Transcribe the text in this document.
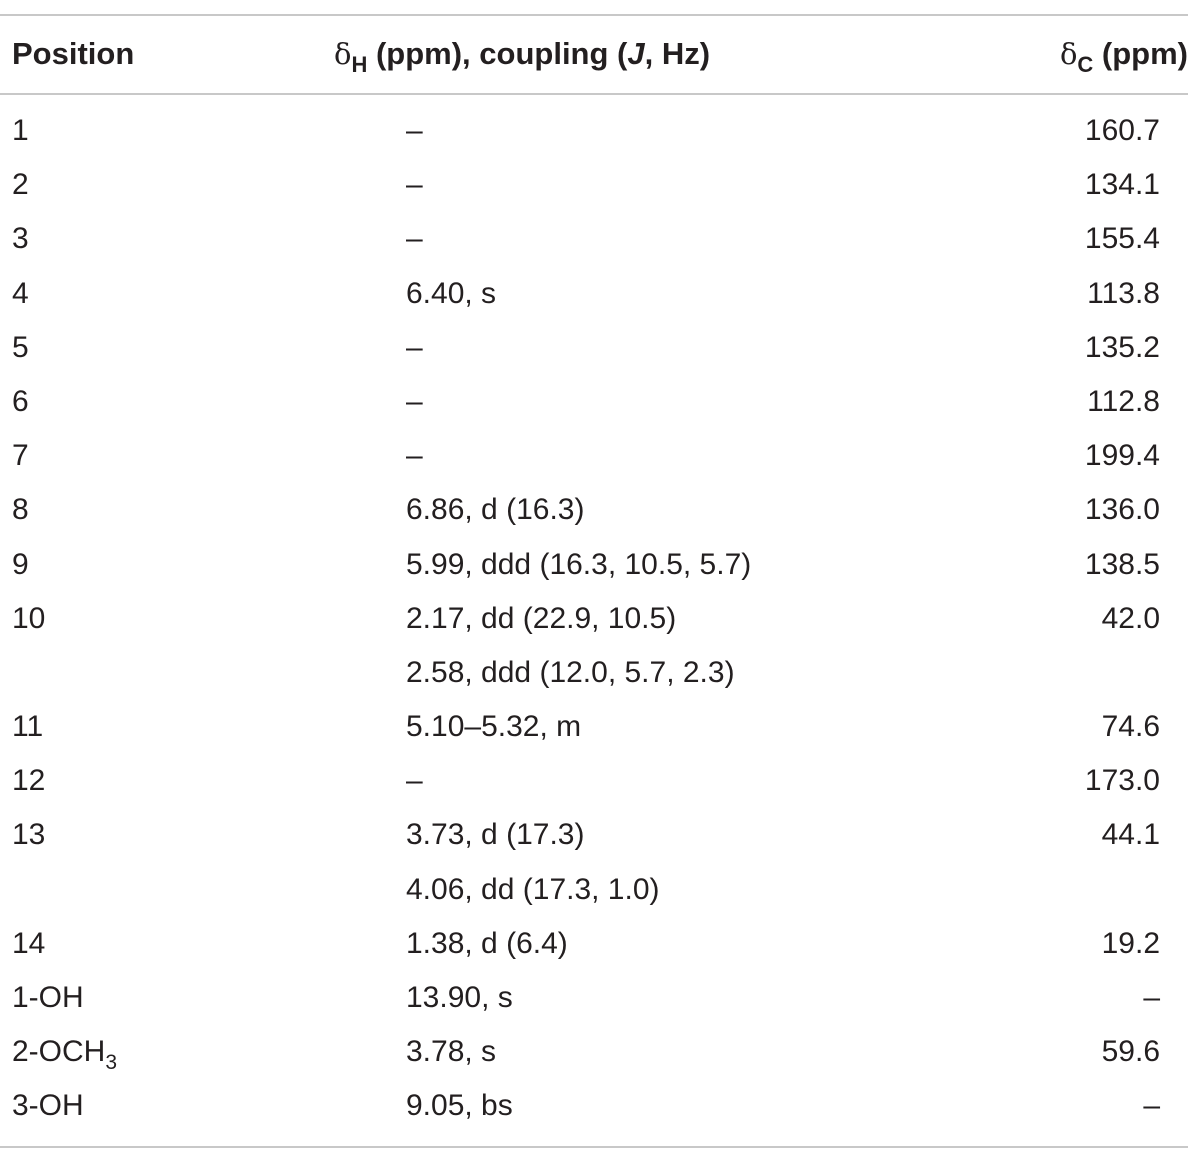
Position	$\delta_H$ (ppm), coupling (J, Hz)	$\delta_C$ (ppm)
1	–	160.7
2	–	134.1
3	–	155.4
4	6.40, s	113.8
5	–	135.2
6	–	112.8
7	–	199.4
8	6.86, d (16.3)	136.0
9	5.99, ddd (16.3, 10.5, 5.7)	138.5
10	2.17, dd (22.9, 10.5)	42.0
2.58, ddd (12.0, 5.7, 2.3)
11	5.10–5.32, m	74.6
12	–	173.0
13	3.73, d (17.3)	44.1
4.06, dd (17.3, 1.0)
14	1.38, d (6.4)	19.2
1-OH	13.90, s	–
$2-OCH_3$	3.78, s	59.6
3-OH	9.05, bs	–
